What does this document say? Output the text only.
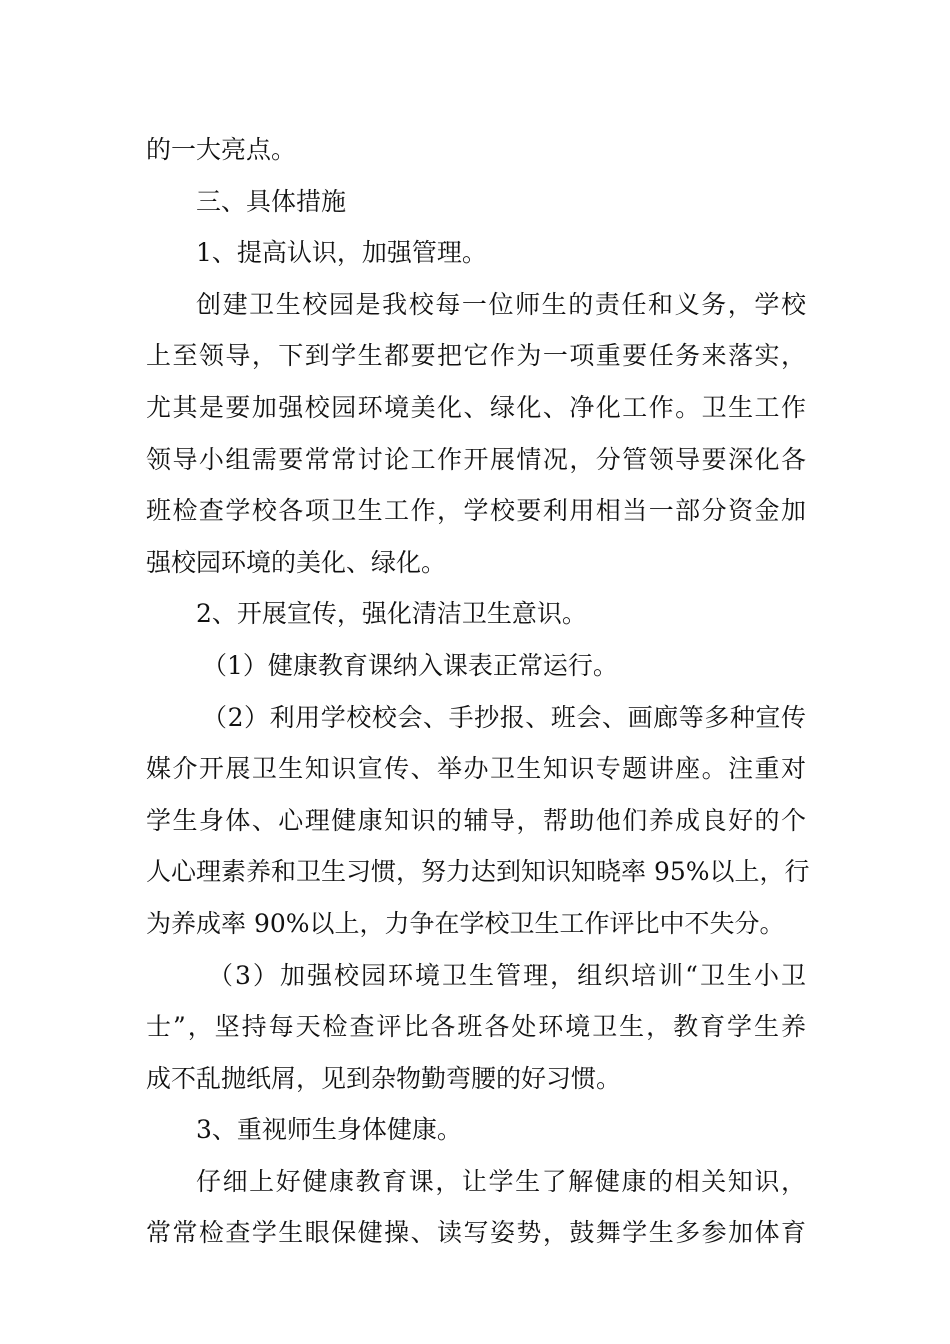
的一大亮点。
三、具体措施
1、提高认识，加强管理。
创建卫生校园是我校每一位师生的责任和义务，学校
上至领导，下到学生都要把它作为一项重要任务来落实，
尤其是要加强校园环境美化、绿化、净化工作。卫生工作
领导小组需要常常讨论工作开展情况，分管领导要深化各
班检查学校各项卫生工作，学校要利用相当一部分资金加
强校园环境的美化、绿化。
2、开展宣传，强化清洁卫生意识。
（1）健康教育课纳入课表正常运行。
（2）利用学校校会、手抄报、班会、画廊等多种宣传
媒介开展卫生知识宣传、举办卫生知识专题讲座。注重对
学生身体、心理健康知识的辅导，帮助他们养成良好的个
人心理素养和卫生习惯，努力达到知识知晓率 95%以上，行
为养成率 90%以上，力争在学校卫生工作评比中不失分。
（3）加强校园环境卫生管理，组织培训“卫生小卫
士”，坚持每天检查评比各班各处环境卫生，教育学生养
成不乱抛纸屑，见到杂物勤弯腰的好习惯。
3、重视师生身体健康。
仔细上好健康教育课，让学生了解健康的相关知识，
常常检查学生眼保健操、读写姿势，鼓舞学生多参加体育
